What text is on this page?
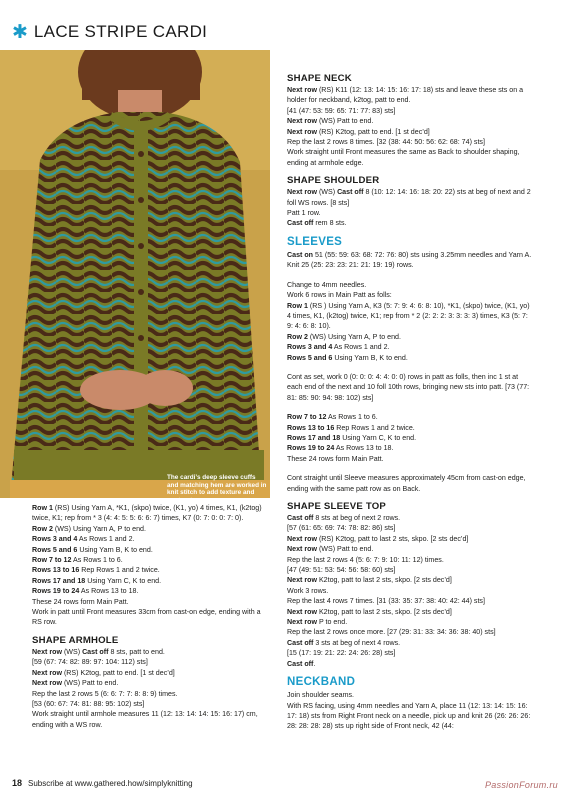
✱ LACE STRIPE CARDI
The cardi’s deep sleeve cuffs and matching hem are worked in knit stitch to add texture and contrast

Row 1 (RS) Using Yarn A, *K1, (skpo) twice, (K1, yo) 4 times, K1, (k2tog) twice, K1; rep from * 3 (4: 4: 5: 5: 6: 6: 7) times, K7 (0: 7: 0: 0: 7: 0).

Row 2 (WS) Using Yarn A, P to end.

Rows 3 and 4 As Rows 1 and 2.

Rows 5 and 6 Using Yarn B, K to end.

Row 7 to 12 As Rows 1 to 6.

Rows 13 to 16 Rep Rows 1 and 2 twice.

Rows 17 and 18 Using Yarn C, K to end.

Rows 19 to 24 As Rows 13 to 18.

These 24 rows form Main Patt.

Work in patt until Front measures 33cm from cast-on edge, ending with a RS row.

SHAPE ARMHOLE

Next row (WS) Cast off 8 sts, patt to end.

[59 (67: 74: 82: 89: 97: 104: 112) sts]

Next row (RS) K2tog, patt to end. [1 st dec’d]

Next row (WS) Patt to end.

Rep the last 2 rows 5 (6: 6: 7: 7: 8: 8: 9) times.

[53 (60: 67: 74: 81: 88: 95: 102) sts]

Work straight until armhole measures 11 (12: 13: 14: 14: 15: 16: 17) cm, ending with a WS row.

SHAPE NECK

Next row (RS) K11 (12: 13: 14: 15: 16: 17: 18) sts and leave these sts on a holder for neckband, k2tog, patt to end.

[41 (47: 53: 59: 65: 71: 77: 83) sts]

Next row (WS) Patt to end.

Next row (RS) K2tog, patt to end. [1 st dec’d]

Rep the last 2 rows 8 times. [32 (38: 44: 50: 56: 62: 68: 74) sts]

Work straight until Front measures the same as Back to shoulder shaping, ending at armhole edge.

SHAPE SHOULDER

Next row (WS) Cast off 8 (10: 12: 14: 16: 18: 20: 22) sts at beg of next and 2 foll WS rows. [8 sts]

Patt 1 row.

Cast off rem 8 sts.

SLEEVES

Cast on 51 (55: 59: 63: 68: 72: 76: 80) sts using 3.25mm needles and Yarn A.

Knit 25 (25: 23: 23: 21: 21: 19: 19) rows.

Change to 4mm needles.

Work 6 rows in Main Patt as folls:

Row 1 (RS ) Using Yarn A, K3 (5: 7: 9: 4: 6: 8: 10), *K1, (skpo) twice, (K1, yo) 4 times, K1, (k2tog) twice, K1; rep from * 2 (2: 2: 2: 3: 3: 3: 3) times, K3 (5: 7: 9: 4: 6: 8: 10).

Row 2 (WS) Using Yarn A, P to end.

Rows 3 and 4 As Rows 1 and 2.

Rows 5 and 6 Using Yarn B, K to end.

Cont as set, work 0 (0: 0: 0: 4: 4: 0: 0) rows in patt as folls, then inc 1 st at each end of the next and 10 foll 10th rows, bringing new sts into patt. [73 (77: 81: 85: 90: 94: 98: 102) sts]

Row 7 to 12 As Rows 1 to 6.

Rows 13 to 16 Rep Rows 1 and 2 twice.

Rows 17 and 18 Using Yarn C, K to end.

Rows 19 to 24 As Rows 13 to 18.

These 24 rows form Main Patt.

Cont straight until Sleeve measures approximately 45cm from cast-on edge, ending with the same patt row as on Back.

SHAPE SLEEVE TOP

Cast off 8 sts at beg of next 2 rows.

[57 (61: 65: 69: 74: 78: 82: 86) sts]

Next row (RS) K2tog, patt to last 2 sts, skpo. [2 sts dec’d]

Next row (WS) Patt to end.

Rep the last 2 rows 4 (5: 6: 7: 9: 10: 11: 12) times.

[47 (49: 51: 53: 54: 56: 58: 60) sts]

Next row K2tog, patt to last 2 sts, skpo. [2 sts dec’d]

Work 3 rows.

Rep the last 4 rows 7 times. [31 (33: 35: 37: 38: 40: 42: 44) sts]

Next row K2tog, patt to last 2 sts, skpo. [2 sts dec’d]

Next row P to end.

Rep the last 2 rows once more. [27 (29: 31: 33: 34: 36: 38: 40) sts]

Cast off 3 sts at beg of next 4 rows.

[15 (17: 19: 21: 22: 24: 26: 28) sts]

Cast off.

NECKBAND

Join shoulder seams.

With RS facing, using 4mm needles and Yarn A, place 11 (12: 13: 14: 15: 16: 17: 18) sts from Right Front neck on a needle, pick up and knit 26 (26: 26: 26: 28: 28: 28: 28) sts up right side of Front neck, 42 (44:

18 Subscribe at www.gathered.how/simplyknitting	PassionForum.ru
